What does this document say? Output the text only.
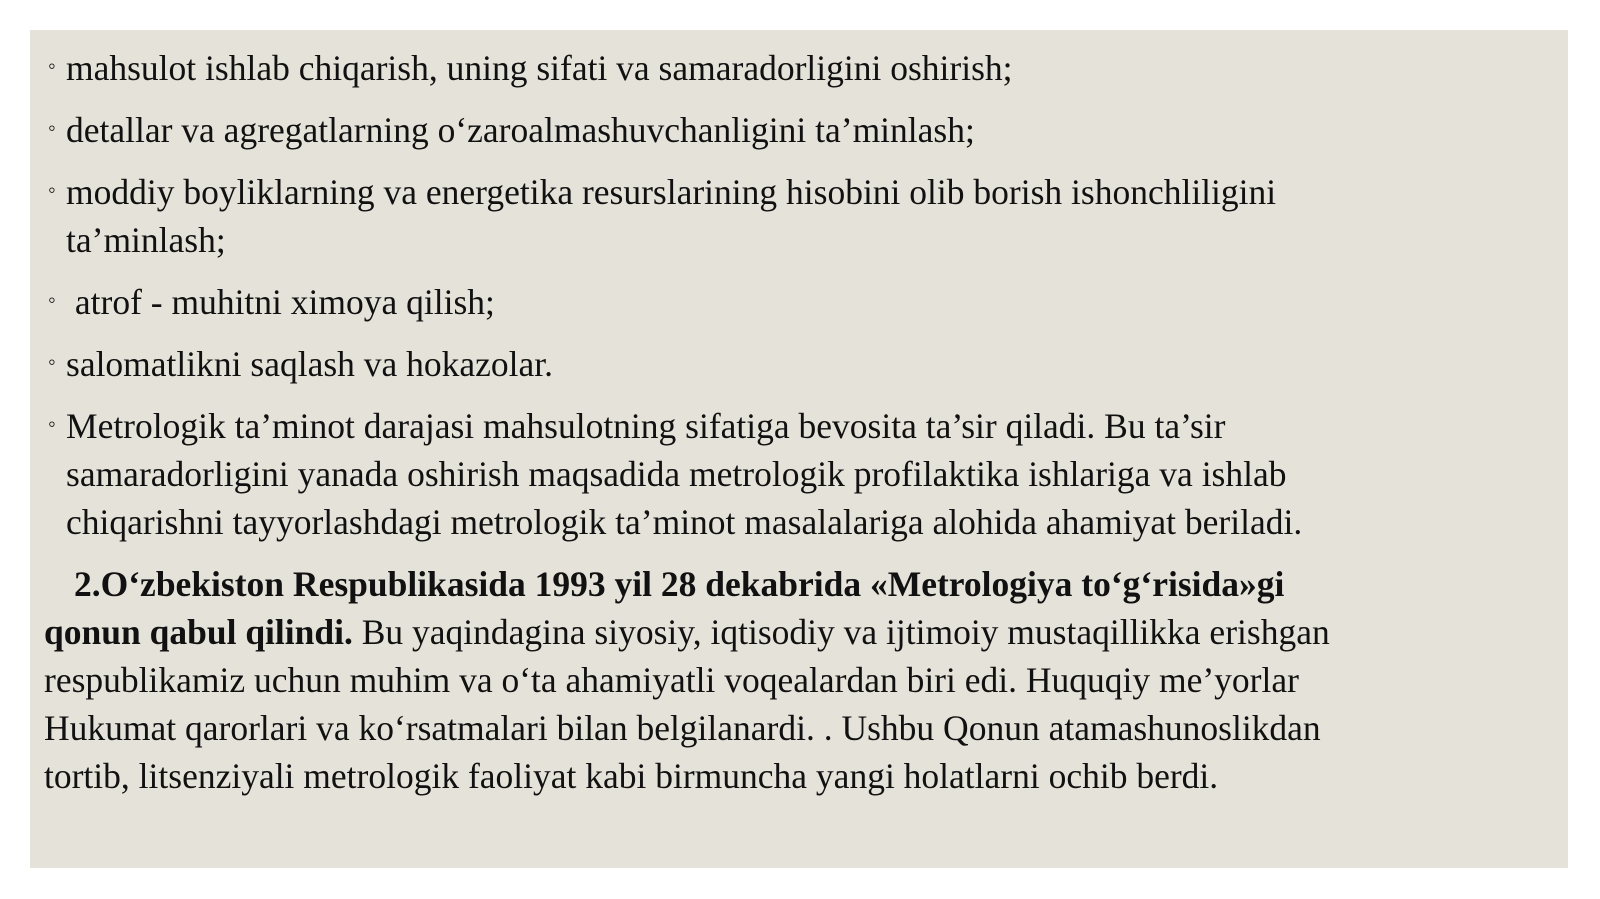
◦ mahsulot ishlab chiqarish, uning sifati va samaradorligini oshirish;
◦ detallar va agregatlarning o‘zaroalmashuvchanligini ta’minlash;
◦ moddiy boyliklarning va energetika resurslarining hisobini olib borish ishonchliligini
ta’minlash;
◦ atrof - muhitni ximoya qilish;
◦ salomatlikni saqlash va hokazolar.
◦ Metrologik ta’minot darajasi mahsulotning sifatiga bevosita ta’sir qiladi. Bu ta’sir
samaradorligini yanada oshirish maqsadida metrologik profilaktika ishlariga va ishlab
chiqarishni tayyorlashdagi metrologik ta’minot masalalariga alohida ahamiyat beriladi.
2.O‘zbekiston Respublikasida 1993 yil 28 dekabrida «Metrologiya to‘g‘risida»gi
qonun qabul qilindi. Bu yaqindagina siyosiy, iqtisodiy va ijtimoiy mustaqillikka erishgan
respublikamiz uchun muhim va o‘ta ahamiyatli voqealardan biri edi. Huquqiy me’yorlar
Hukumat qarorlari va ko‘rsatmalari bilan belgilanardi. . Ushbu Qonun atamashunoslikdan
tortib, litsenziyali metrologik faoliyat kabi birmuncha yangi holatlarni ochib berdi.
